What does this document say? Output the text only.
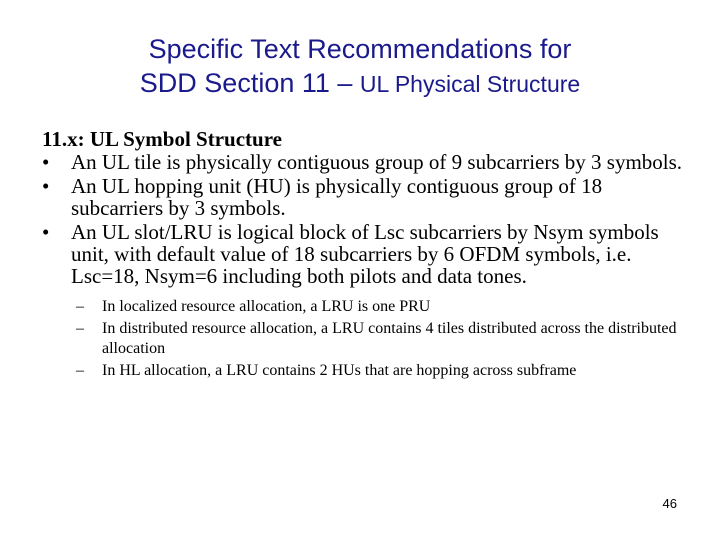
Specific Text Recommendations for
SDD Section 11 – UL Physical Structure
11.x: UL Symbol Structure
• An UL tile is physically contiguous group of 9 subcarriers by 3 symbols.
• An UL hopping unit (HU) is physically contiguous group of 18 subcarriers by 3 symbols.
• An UL slot/LRU is logical block of Lsc subcarriers by Nsym symbols unit, with default value of 18 subcarriers by 6 OFDM symbols, i.e. Lsc=18, Nsym=6 including both pilots and data tones.
– In localized resource allocation, a LRU is one PRU
– In distributed resource allocation, a LRU contains 4 tiles distributed across the distributed allocation
– In HL allocation, a LRU contains 2 HUs that are hopping across subframe
46
